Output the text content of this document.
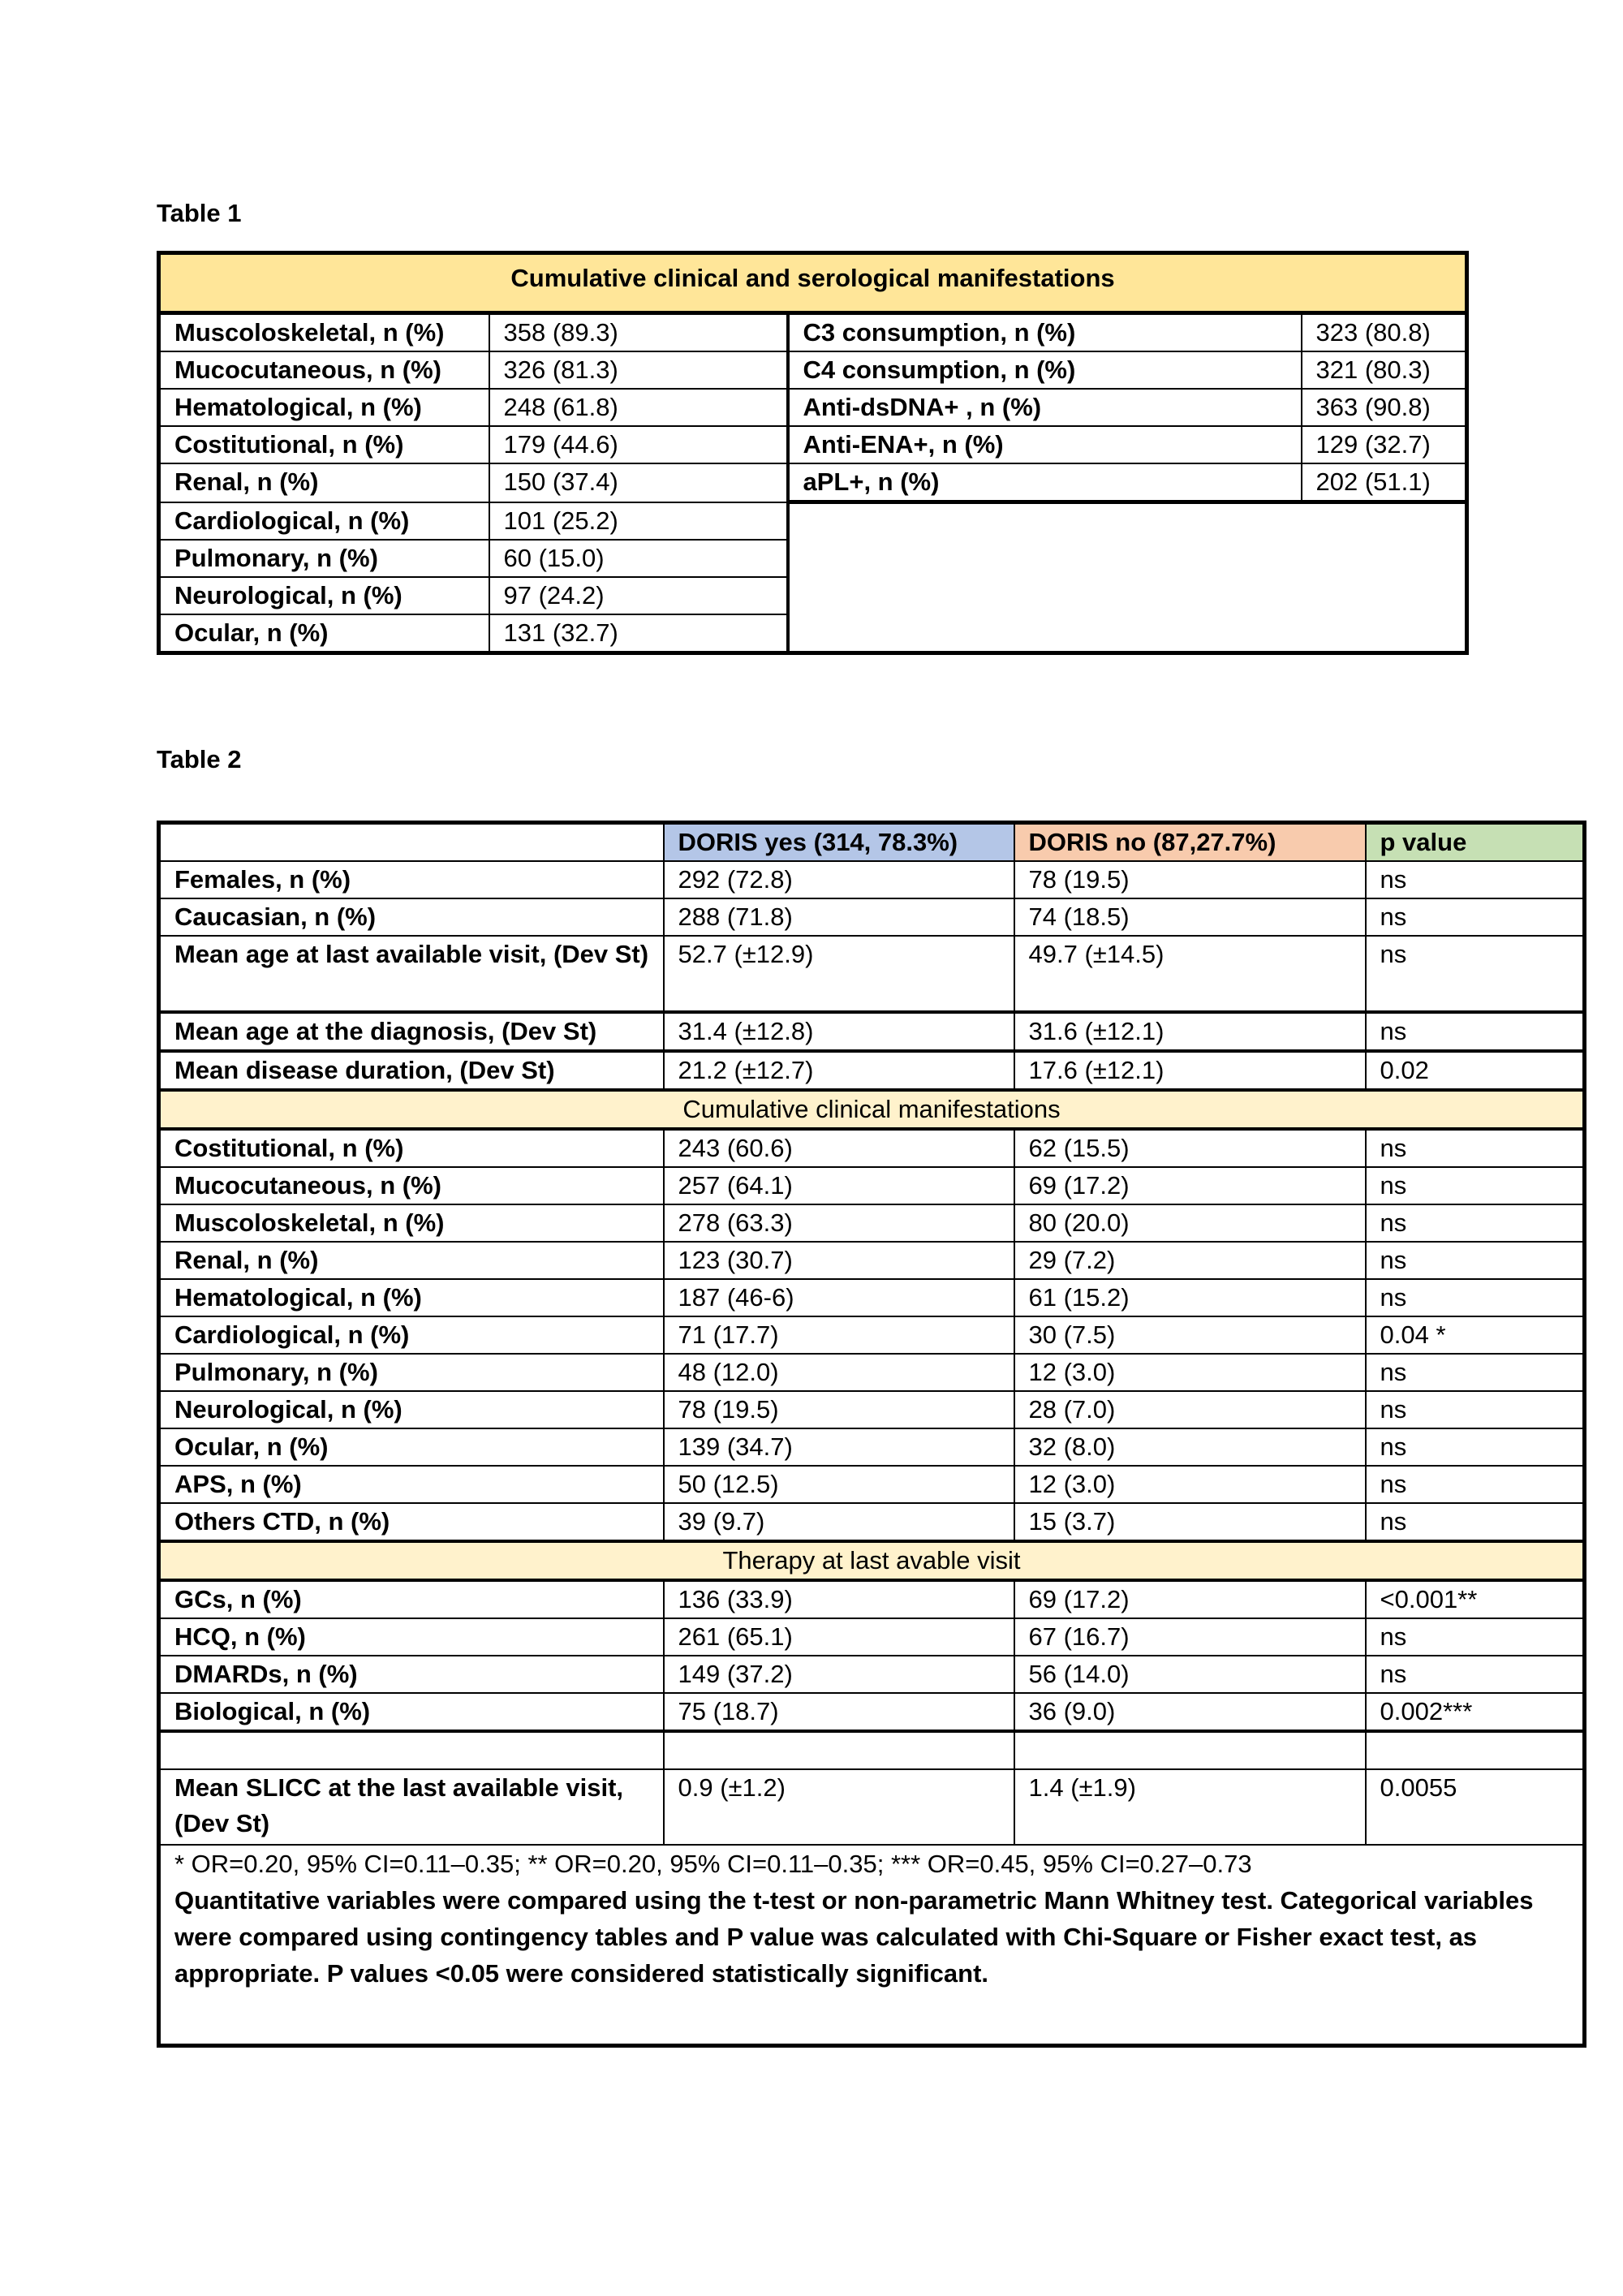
Table 1
Cumulative clinical and serological manifestations			
Muscoloskeletal, n (%)	358 (89.3)	C3 consumption, n (%)	323 (80.8)
Mucocutaneous, n (%)	326 (81.3)	C4 consumption, n (%)	321 (80.3)
Hematological, n (%)	248 (61.8)	Anti-dsDNA+ , n (%)	363 (90.8)
Costitutional, n (%)	179 (44.6)	Anti-ENA+, n (%)	129 (32.7)
Renal, n (%)	150 (37.4)	aPL+, n (%)	202 (51.1)
Cardiological, n (%)	101 (25.2)		
Pulmonary, n (%)	60 (15.0)		
Neurological, n (%)	97 (24.2)		
Ocular, n (%)	131 (32.7)		
Table 2
	DORIS yes (314, 78.3%)	DORIS no (87,27.7%)	p value
Females, n (%)	292 (72.8)	78 (19.5)	ns
Caucasian, n (%)	288 (71.8)	74 (18.5)	ns
Mean age at last available visit, (Dev St)	52.7 (±12.9)	49.7 (±14.5)	ns
Mean age at the diagnosis, (Dev St)	31.4 (±12.8)	31.6 (±12.1)	ns
Mean disease duration, (Dev St)	21.2 (±12.7)	17.6 (±12.1)	0.02
Cumulative clinical manifestations			
Costitutional, n (%)	243 (60.6)	62 (15.5)	ns
Mucocutaneous, n (%)	257 (64.1)	69 (17.2)	ns
Muscoloskeletal, n (%)	278 (63.3)	80 (20.0)	ns
Renal, n (%)	123 (30.7)	29 (7.2)	ns
Hematological, n (%)	187 (46-6)	61 (15.2)	ns
Cardiological, n (%)	71 (17.7)	30 (7.5)	0.04 *
Pulmonary, n (%)	48 (12.0)	12 (3.0)	ns
Neurological, n (%)	78 (19.5)	28 (7.0)	ns
Ocular, n (%)	139 (34.7)	32 (8.0)	ns
APS, n (%)	50 (12.5)	12 (3.0)	ns
Others CTD, n (%)	39 (9.7)	15 (3.7)	ns
Therapy at last avable visit			
GCs, n (%)	136 (33.9)	69 (17.2)	<0.001**
HCQ, n (%)	261 (65.1)	67 (16.7)	ns
DMARDs, n (%)	149 (37.2)	56 (14.0)	ns
Biological, n (%)	75 (18.7)	36 (9.0)	0.002***

Mean SLICC at the last available visit, (Dev St)	0.9 (±1.2)	1.4 (±1.9)	0.0055

* OR=0.20, 95% CI=0.11–0.35; ** OR=0.20, 95% CI=0.11–0.35; *** OR=0.45, 95% CI=0.27–0.73
Quantitative variables were compared using the t-test or non-parametric Mann Whitney test. Categorical variables were compared using contingency tables and P value was calculated with Chi-Square or Fisher exact test, as appropriate. P values <0.05 were considered statistically significant.			
